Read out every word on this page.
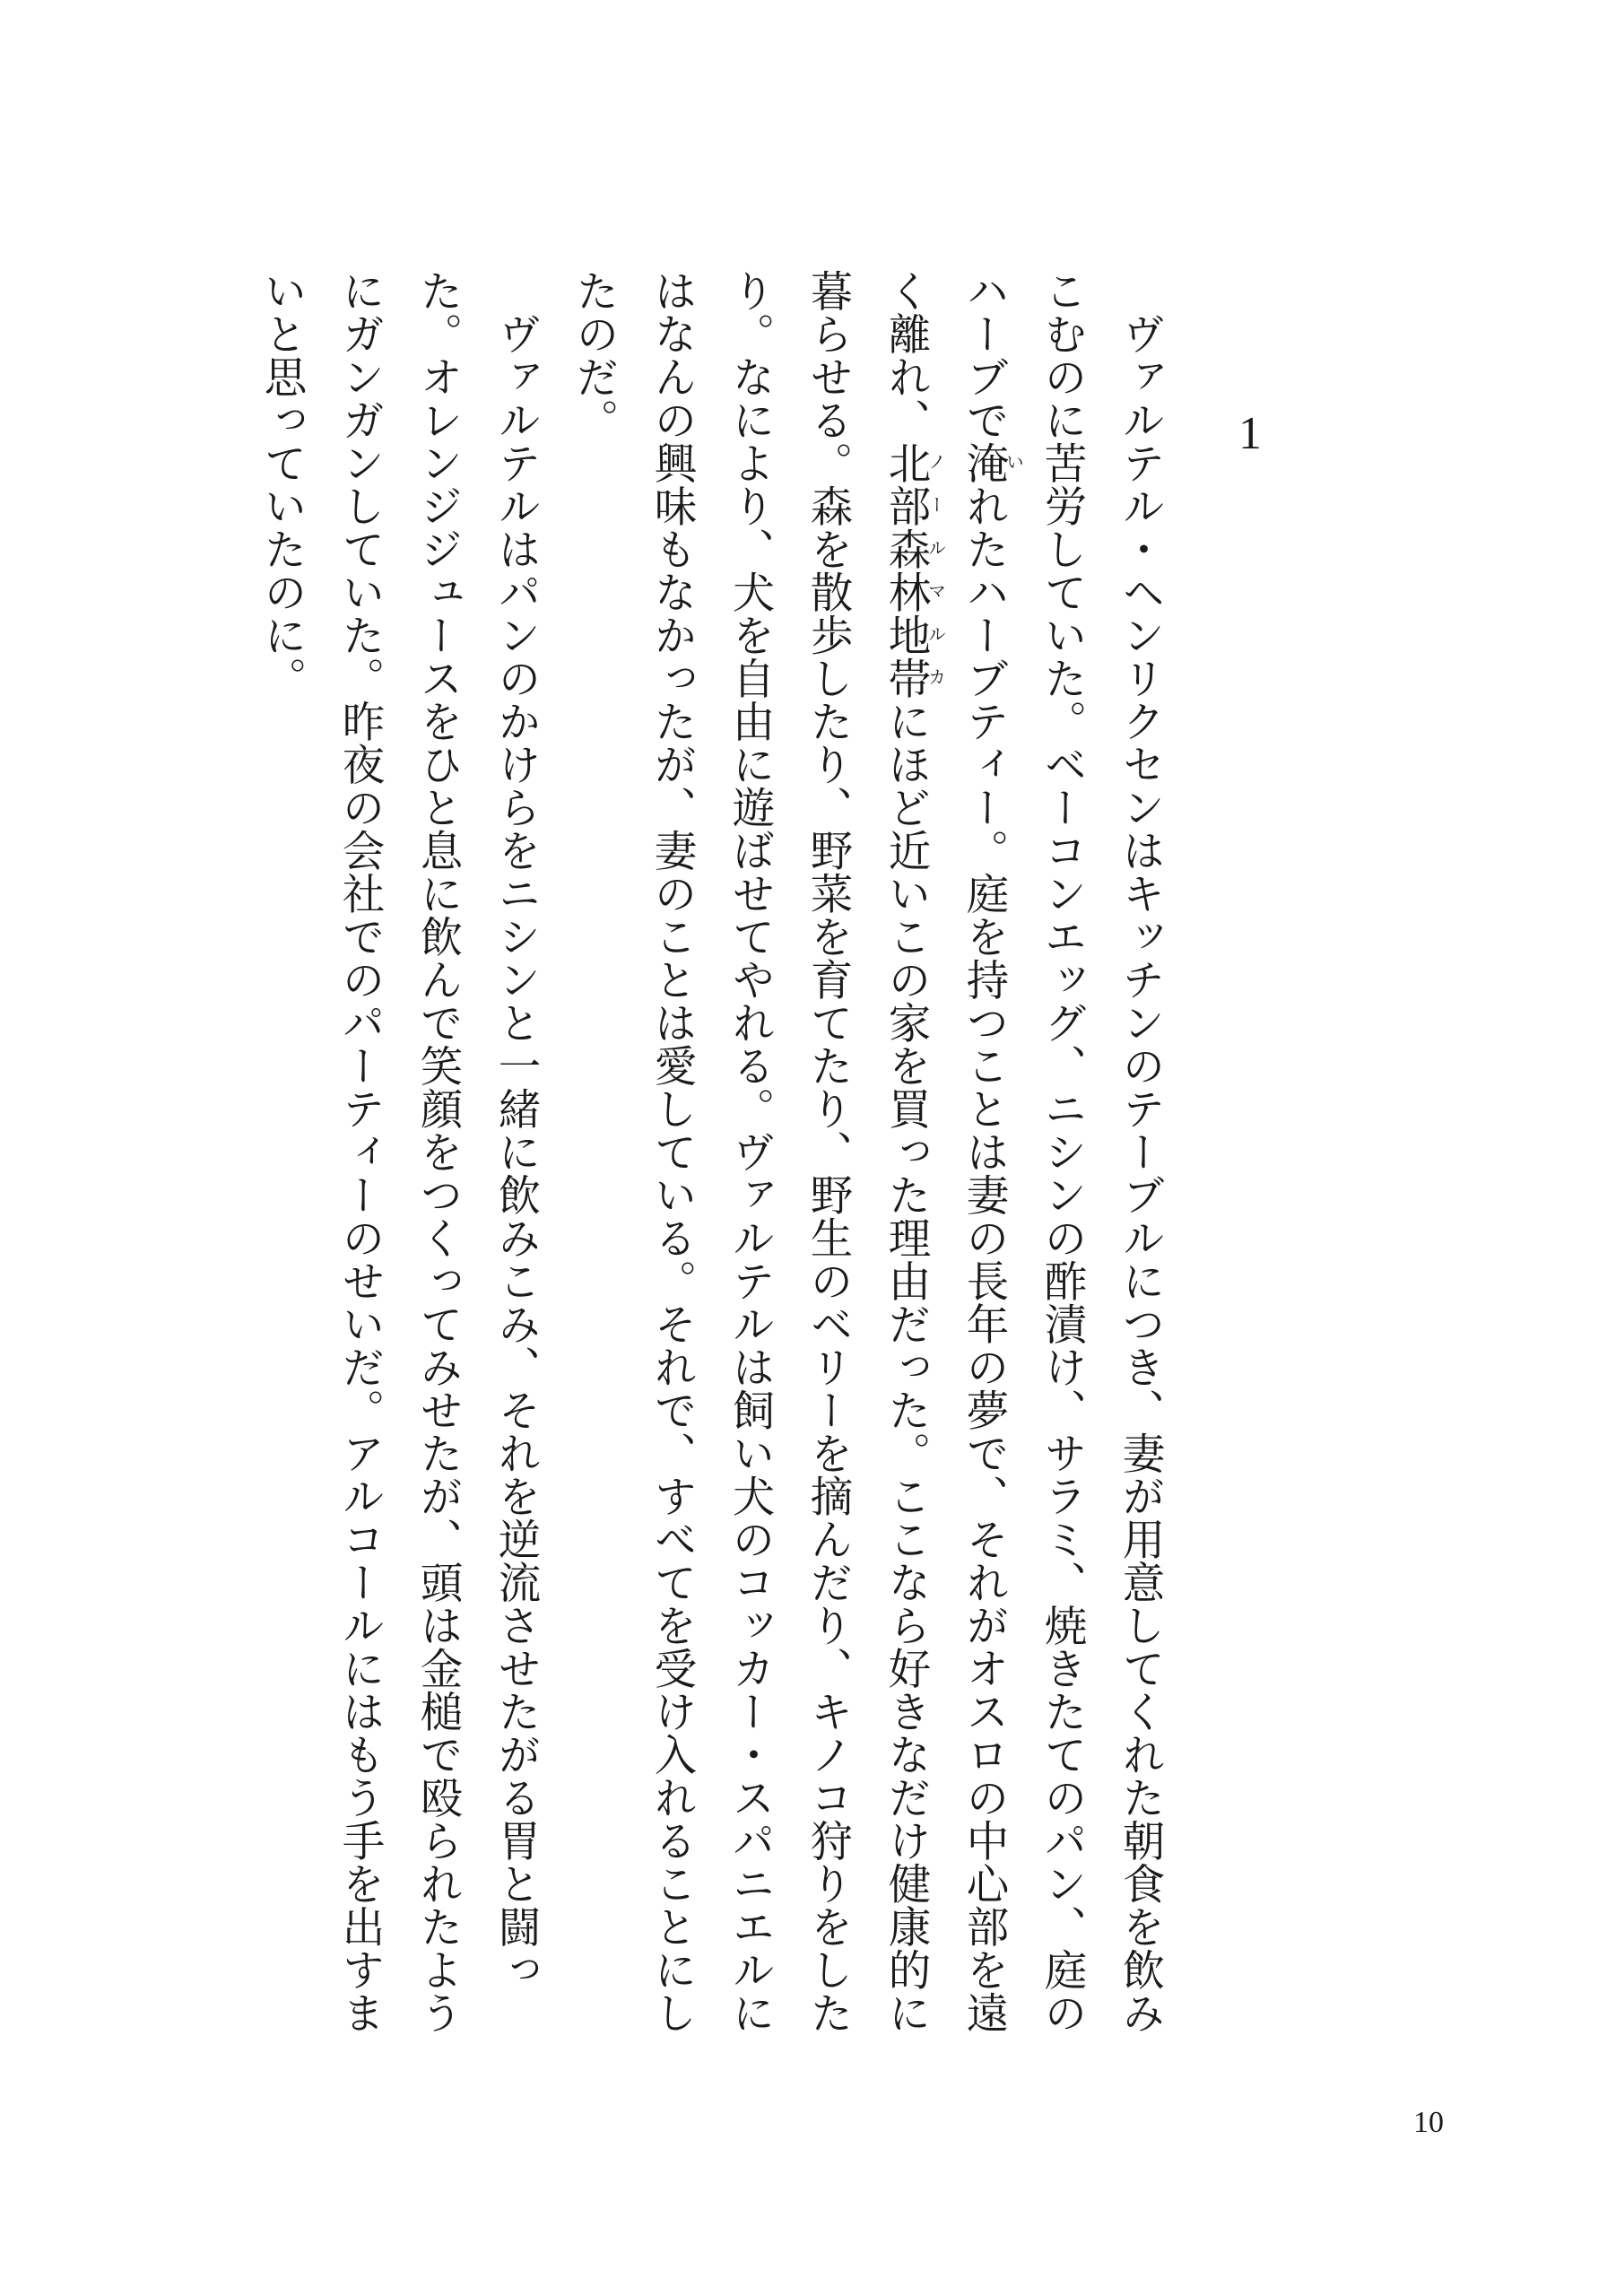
1

　ヴァルテル・ヘンリクセンはキッチンのテーブルにつき、妻が用意してくれた朝食を飲みこむのに苦労していた。ベーコンエッグ、ニシンの酢漬け、サラミ、焼きたてのパン、庭のハーブで淹いれたハーブティー。庭を持つことは妻の長年の夢で、それがオスロの中心部を遠く離れ、北部森林地帯ノールマルカにほど近いこの家を買った理由だった。ここなら好きなだけ健康的に暮らせる。森を散歩したり、野菜を育てたり、野生のベリーを摘んだり、キノコ狩りをしたり。なにより、犬を自由に遊ばせてやれる。ヴァルテルは飼い犬のコッカー・スパニエルにはなんの興味もなかったが、妻のことは愛している。それで、すべてを受け入れることにしたのだ。

　ヴァルテルはパンのかけらをニシンと一緒に飲みこみ、それを逆流させたがる胃と闘った。オレンジジュースをひと息に飲んで笑顔をつくってみせたが、頭は金槌で殴られたようにガンガンしていた。昨夜の会社でのパーティーのせいだ。アルコールにはもう手を出すまいと思っていたのに。

10
